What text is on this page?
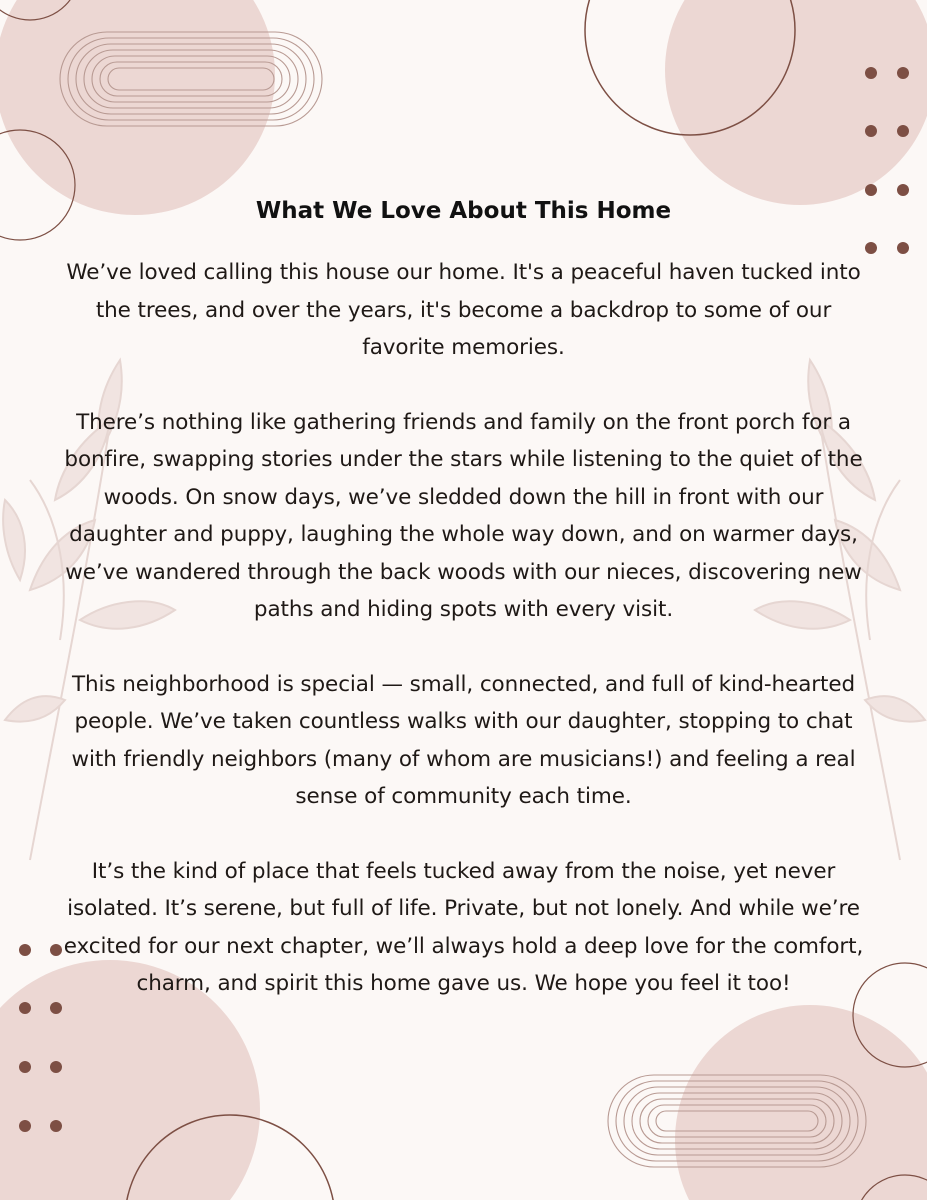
What We Love About This Home

We’ve loved calling this house our home. It's a peaceful haven tucked into the trees, and over the years, it's become a backdrop to some of our favorite memories.

There’s nothing like gathering friends and family on the front porch for a bonfire, swapping stories under the stars while listening to the quiet of the woods. On snow days, we’ve sledded down the hill in front with our daughter and puppy, laughing the whole way down, and on warmer days, we’ve wandered through the back woods with our nieces, discovering new paths and hiding spots with every visit.

This neighborhood is special — small, connected, and full of kind-hearted people. We’ve taken countless walks with our daughter, stopping to chat with friendly neighbors (many of whom are musicians!) and feeling a real sense of community each time.

It’s the kind of place that feels tucked away from the noise, yet never isolated. It’s serene, but full of life. Private, but not lonely. And while we’re excited for our next chapter, we’ll always hold a deep love for the comfort, charm, and spirit this home gave us. We hope you feel it too!
